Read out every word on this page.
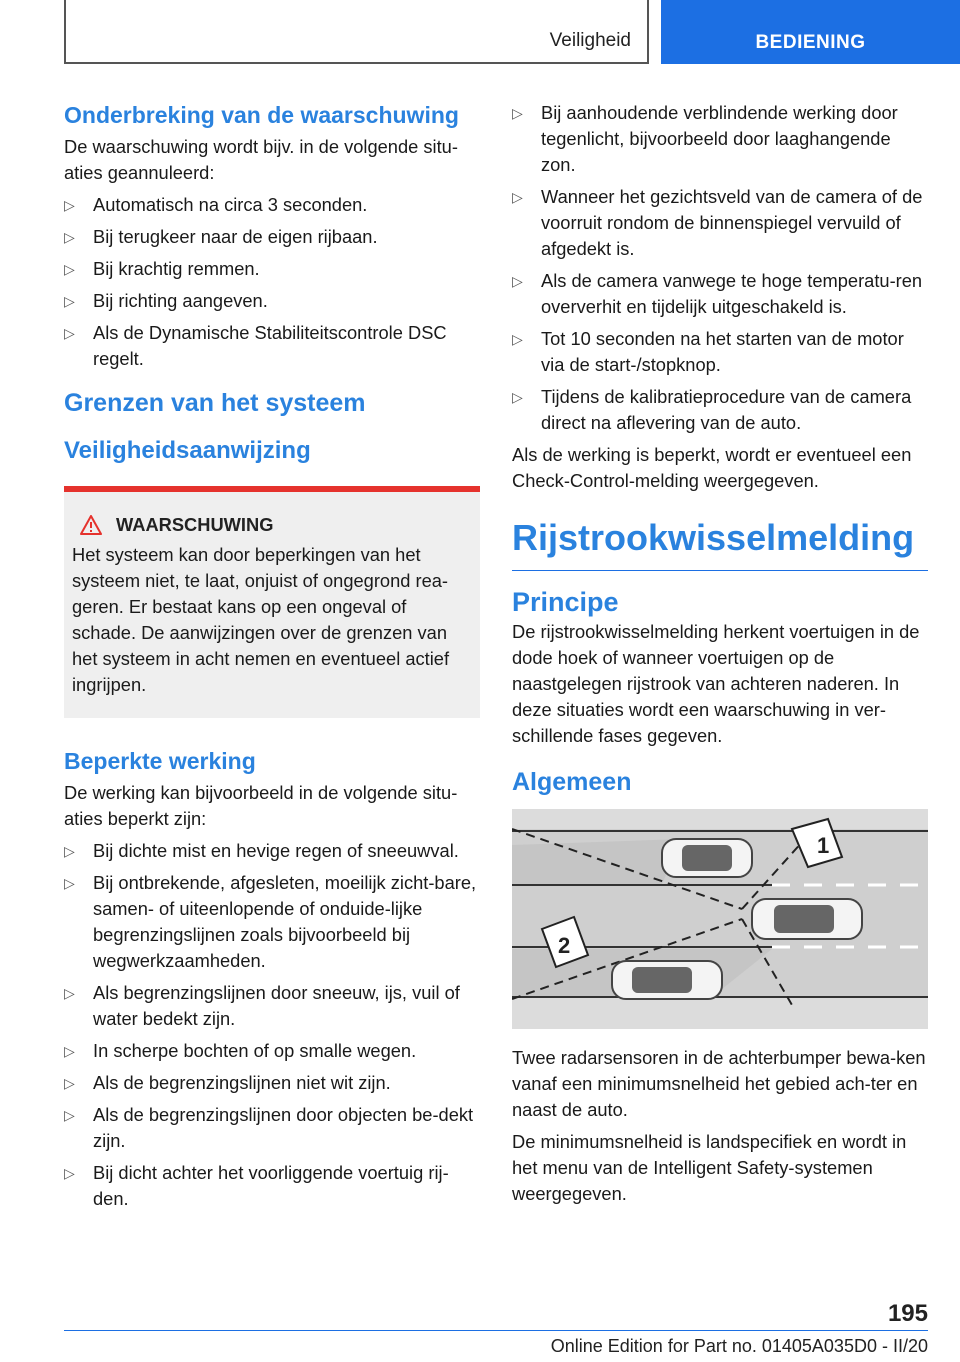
Veiligheid	BEDIENING
Onderbreking van de waarschuwing

De waarschuwing wordt bijv. in de volgende situ-aties geannuleerd:

▷ Automatisch na circa 3 seconden.
▷ Bij terugkeer naar de eigen rijbaan.
▷ Bij krachtig remmen.
▷ Bij richting aangeven.
▷ Als de Dynamische Stabiliteitscontrole DSC regelt.
Grenzen van het systeem
Veiligheidsaanwijzing
WAARSCHUWING
Het systeem kan door beperkingen van het systeem niet, te laat, onjuist of ongegrond rea-geren. Er bestaat kans op een ongeval of schade. De aanwijzingen over de grenzen van het systeem in acht nemen en eventueel actief ingrijpen.
Beperkte werking

De werking kan bijvoorbeeld in de volgende situ-aties beperkt zijn:

▷ Bij dichte mist en hevige regen of sneeuwval.
▷ Bij ontbrekende, afgesleten, moeilijk zicht-bare, samen- of uiteenlopende of onduide-lijke begrenzingslijnen zoals bijvoorbeeld bij wegwerkzaamheden.
▷ Als begrenzingslijnen door sneeuw, ijs, vuil of water bedekt zijn.
▷ In scherpe bochten of op smalle wegen.
▷ Als de begrenzingslijnen niet wit zijn.
▷ Als de begrenzingslijnen door objecten be-dekt zijn.
▷ Bij dicht achter het voorliggende voertuig rij-den.
▷ Bij aanhoudende verblindende werking door tegenlicht, bijvoorbeeld door laaghangende zon.
▷ Wanneer het gezichtsveld van de camera of de voorruit rondom de binnenspiegel vervuild of afgedekt is.
▷ Als de camera vanwege te hoge temperatu-ren oververhit en tijdelijk uitgeschakeld is.
▷ Tot 10 seconden na het starten van de motor via de start-/stopknop.
▷ Tijdens de kalibratieprocedure van de camera direct na aflevering van de auto.

Als de werking is beperkt, wordt er eventueel een Check-Control-melding weergegeven.

Rijstrookwisselmelding
Principe

De rijstrookwisselmelding herkent voertuigen in de dode hoek of wanneer voertuigen op de naastgelegen rijstrook van achteren naderen. In deze situaties wordt een waarschuwing in ver-schillende fases gegeven.

Algemeen
1
2

Twee radarsensoren in de achterbumper bewa-ken vanaf een minimumsnelheid het gebied ach-ter en naast de auto.

De minimumsnelheid is landspecifiek en wordt in het menu van de Intelligent Safety-systemen weergegeven.

195
Online Edition for Part no. 01405A035D0 - II/20
